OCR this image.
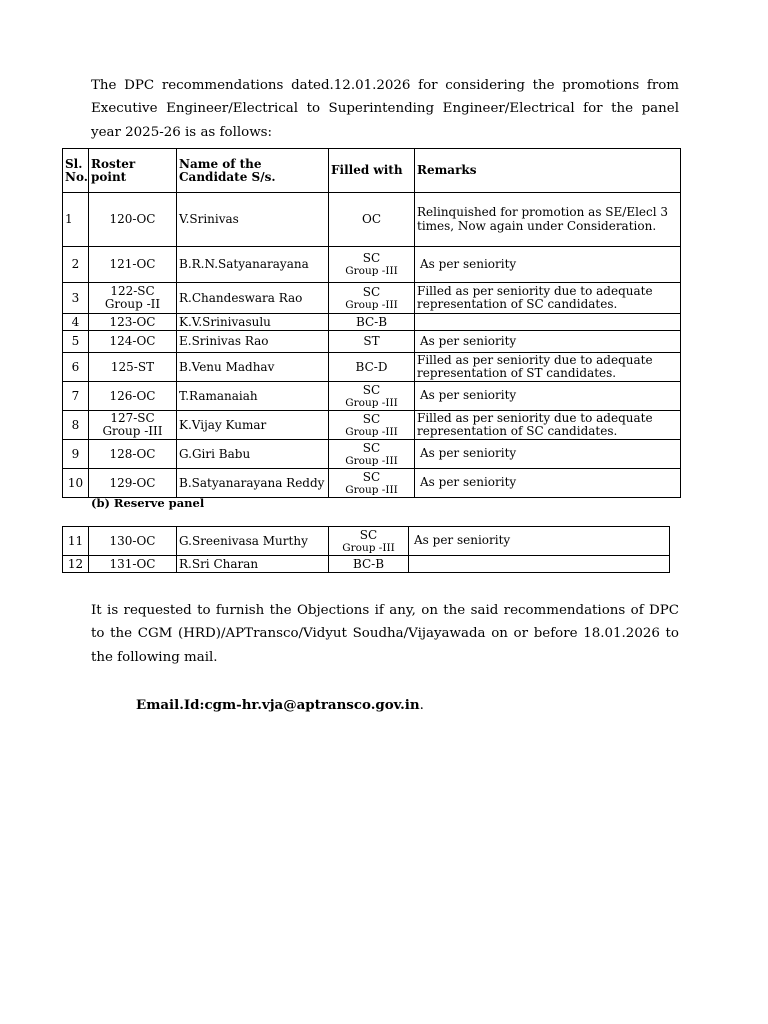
The DPC recommendations dated.12.01.2026 for considering the promotions from Executive Engineer/Electrical to Superintending Engineer/Electrical for the panel year 2025-26 is as follows:

Sl. No.	Roster point	Name of the Candidate S/s.	Filled with	Remarks
1	120-OC	V.Srinivas	OC	Relinquished for promotion as SE/Elecl 3 times, Now again under Consideration.
2	121-OC	B.R.N.Satyanarayana	SC
Group -III	As per seniority
3	122-SC Group -II	R.Chandeswara Rao	SC
Group -III	Filled as per seniority due to adequate representation of SC candidates.
4	123-OC	K.V.Srinivasulu	BC-B	

5	124-OC	E.Srinivas Rao	ST	As per seniority
6	125-ST	B.Venu Madhav	BC-D	Filled as per seniority due to adequate representation of ST candidates.
7	126-OC	T.Ramanaiah	SC
Group -III	As per seniority
8	127-SC Group -III	K.Vijay Kumar	SC
Group -III	Filled as per seniority due to adequate representation of SC candidates.
9	128-OC	G.Giri Babu	SC
Group -III	As per seniority
10	129-OC	B.Satyanarayana Reddy	SC
Group -III	As per seniority
(b) Reserve panel
11	130-OC	G.Sreenivasa Murthy	SC
Group -III	As per seniority
12	131-OC	R.Sri Charan	BC-B	

It is requested to furnish the Objections if any, on the said recommendations of DPC to the CGM (HRD)/APTransco/Vidyut Soudha/Vijayawada on or before 18.01.2026 to the following mail.

Email.Id:cgm-hr.vja@aptransco.gov.in.
